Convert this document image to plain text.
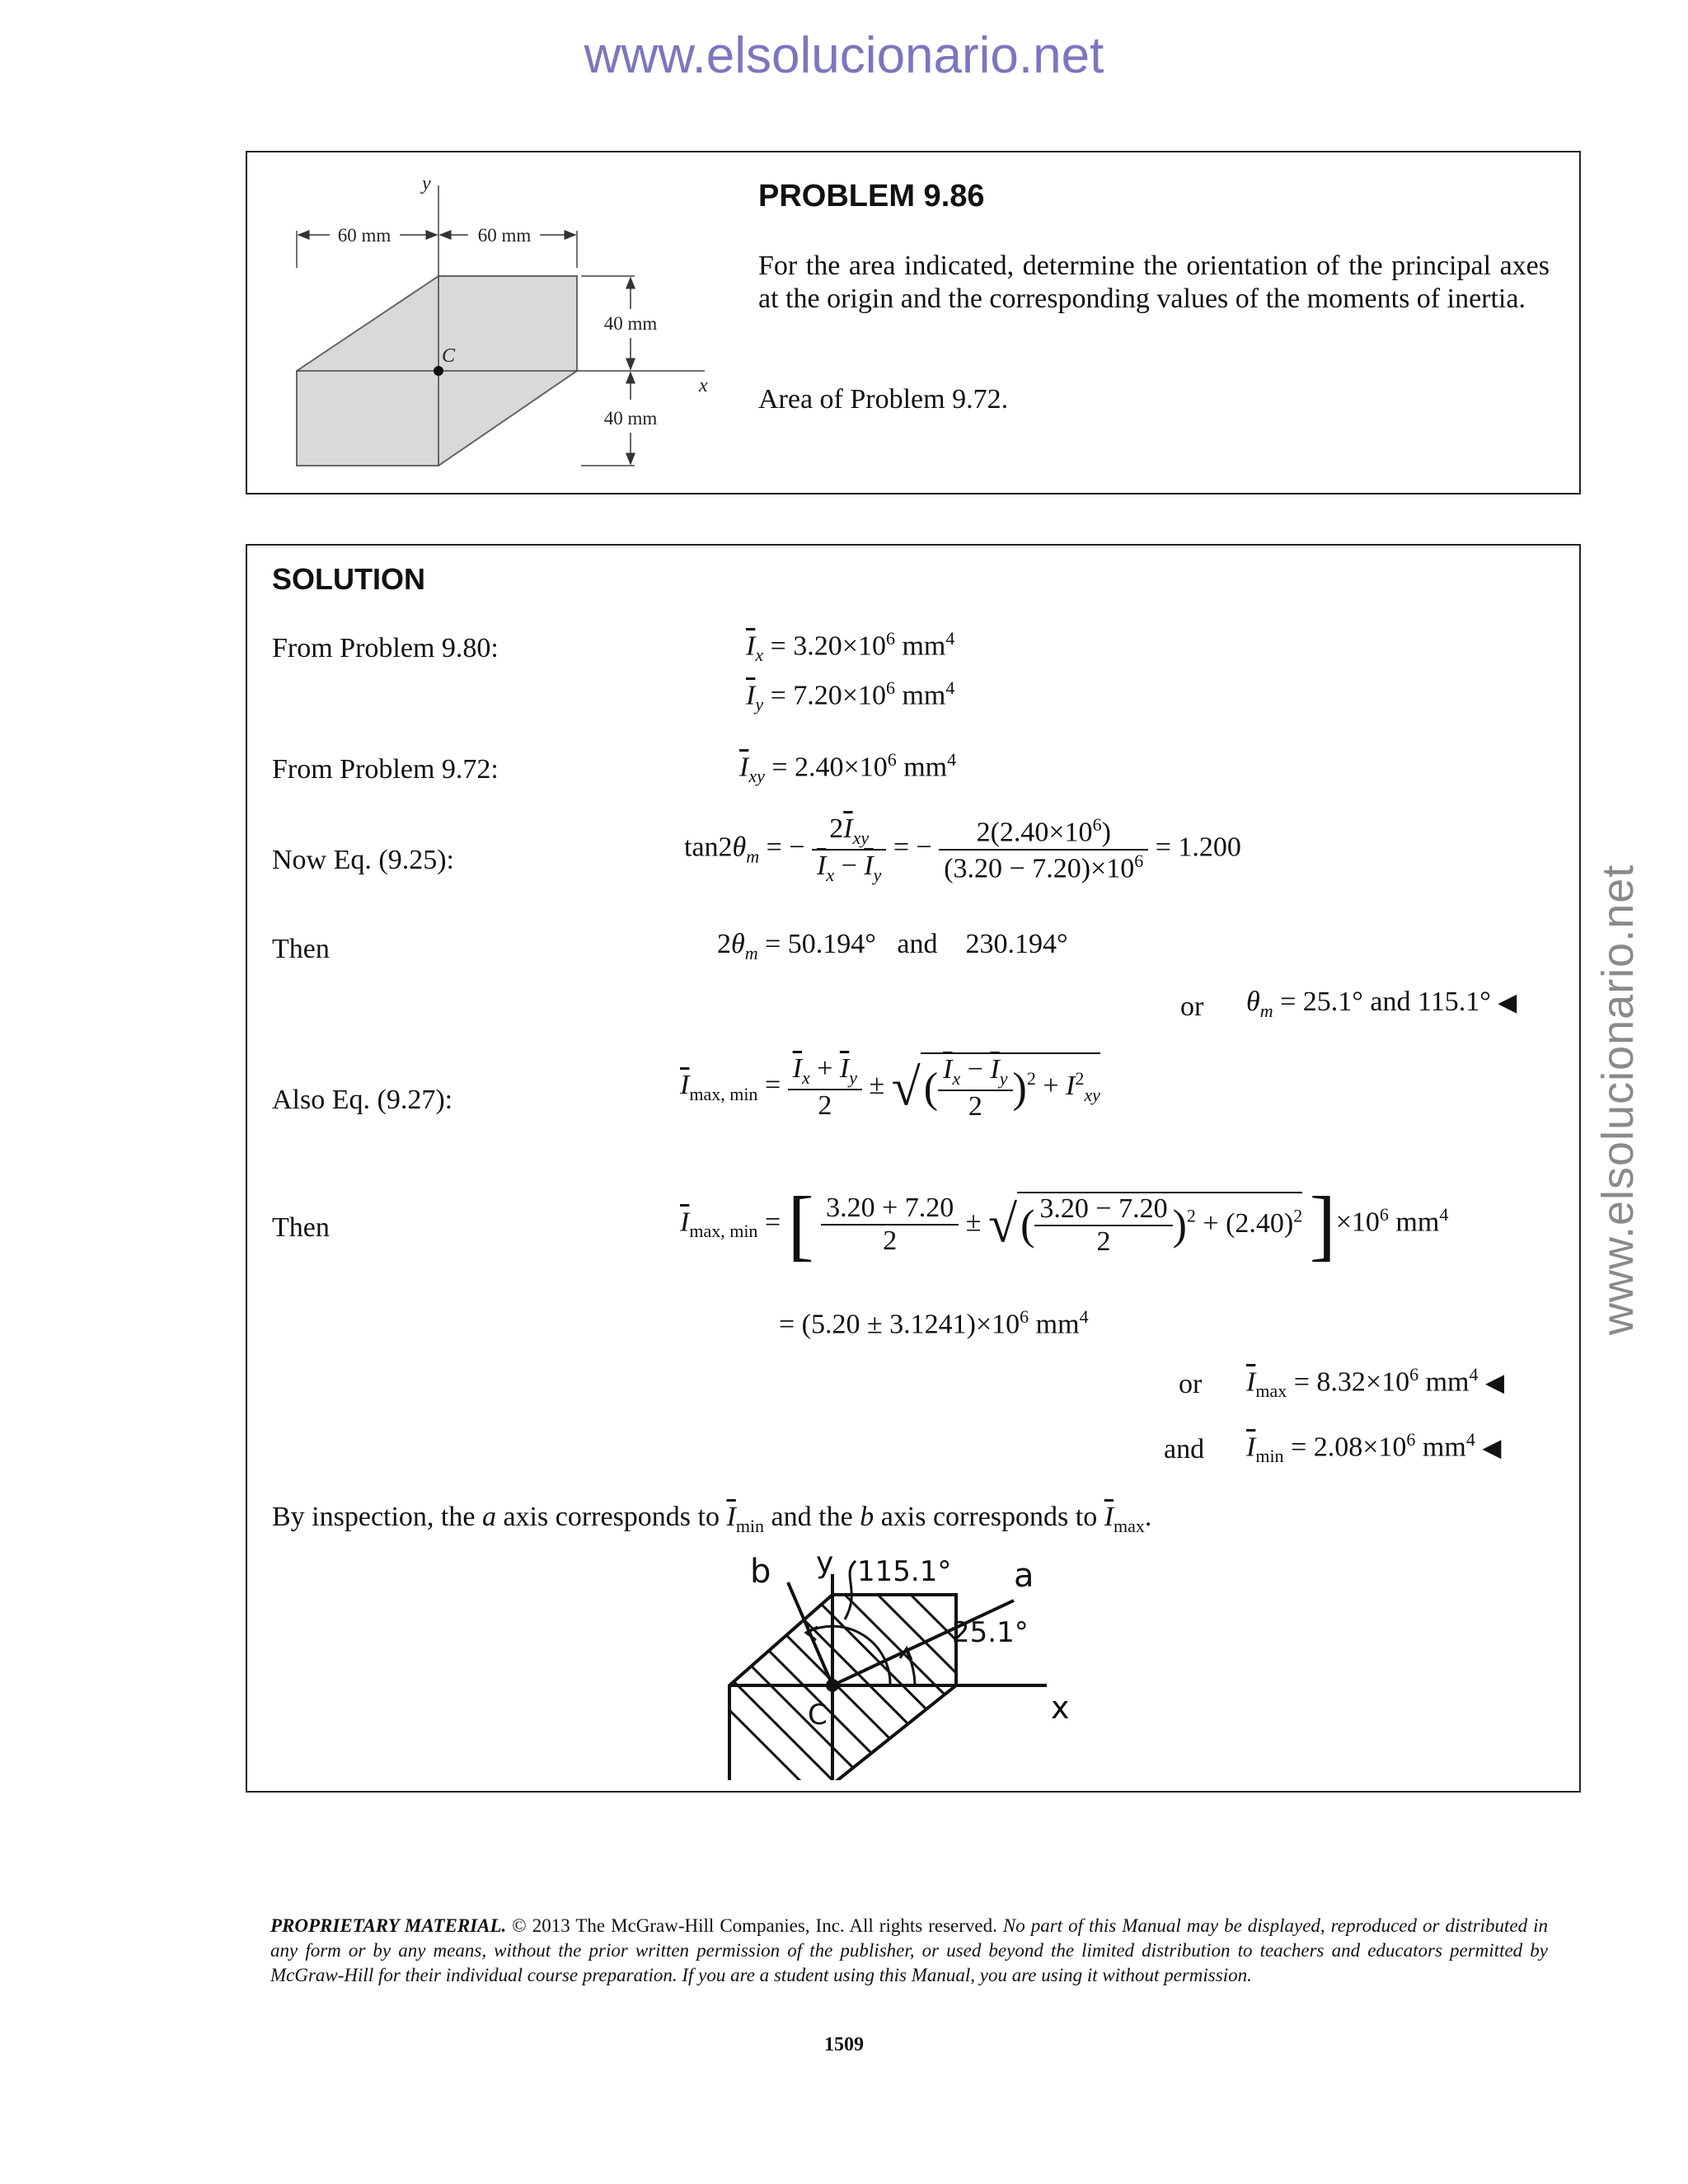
www.elsolucionario.net
www.elsolucionario.net
60 mm	60 mm
40 mm
40 mm
y
x
C
PROBLEM 9.86
For the area indicated, determine the orientation of the principal axes at the origin and the corresponding values of the moments of inertia.
Area of Problem 9.72.
SOLUTION
From Problem 9.80:	$\overline{I}_x = 3.20\times 10^6$ $mm^4$
$\overline{I}_y = 7.20\times 10^6$ $mm^4$
From Problem 9.72:	$\overline{I}_{xy} = 2.40\times 10^6$ $mm^4$
Now Eq. (9.25):	$\tan 2\theta_m$ = − $\frac{2\overline{I}_{xy}}{\overline{I}_x - \overline{I}_y}$ = − $\frac{2(2.40\times 10^6)}{(3.20 - 7.20)\times 10^6} = 1.200$
Then	$2\theta_m = 50.194^\circ$ and 230.194°
or $\theta_m = 25.1^\circ$ and 115.1° ◀
Also Eq. (9.27):	$\overline{I}_{max, min} = \frac{\overline{I}_x + \overline{I}_y}{2}$ ± √( $\frac{\overline{I}_x - \overline{I}_y}{2} )^2 + I^2_{xy}$
Then	$\overline{I}_{max, min}$ = [ $\frac{3.20 + 7.20}{2}$ ± √( $\frac{3.20 - 7.20}{2} )^2 + (2.40)^2$ ]$\times 10^6$ $mm^4$
= $(5.20 \pm 3.1241)\times 10^6$ $mm^4$
or $\overline{I}_{max} = 8.32\times 10^6$ $mm^4$ ◀
and $\overline{I}_{min} = 2.08\times 10^6$ $mm^4$ ◀
By inspection, the a axis corresponds to $\overline{I}_{min}$ and the b axis corresponds to $\overline{I}_{max}$.
b y 115.1° a
25.1°
x
C
PROPRIETARY MATERIAL. © 2013 The McGraw-Hill Companies, Inc. All rights reserved. No part of this Manual may be displayed, reproduced or distributed in any form or by any means, without the prior written permission of the publisher, or used beyond the limited distribution to teachers and educators permitted by McGraw-Hill for their individual course preparation. If you are a student using this Manual, you are using it without permission.
1509
